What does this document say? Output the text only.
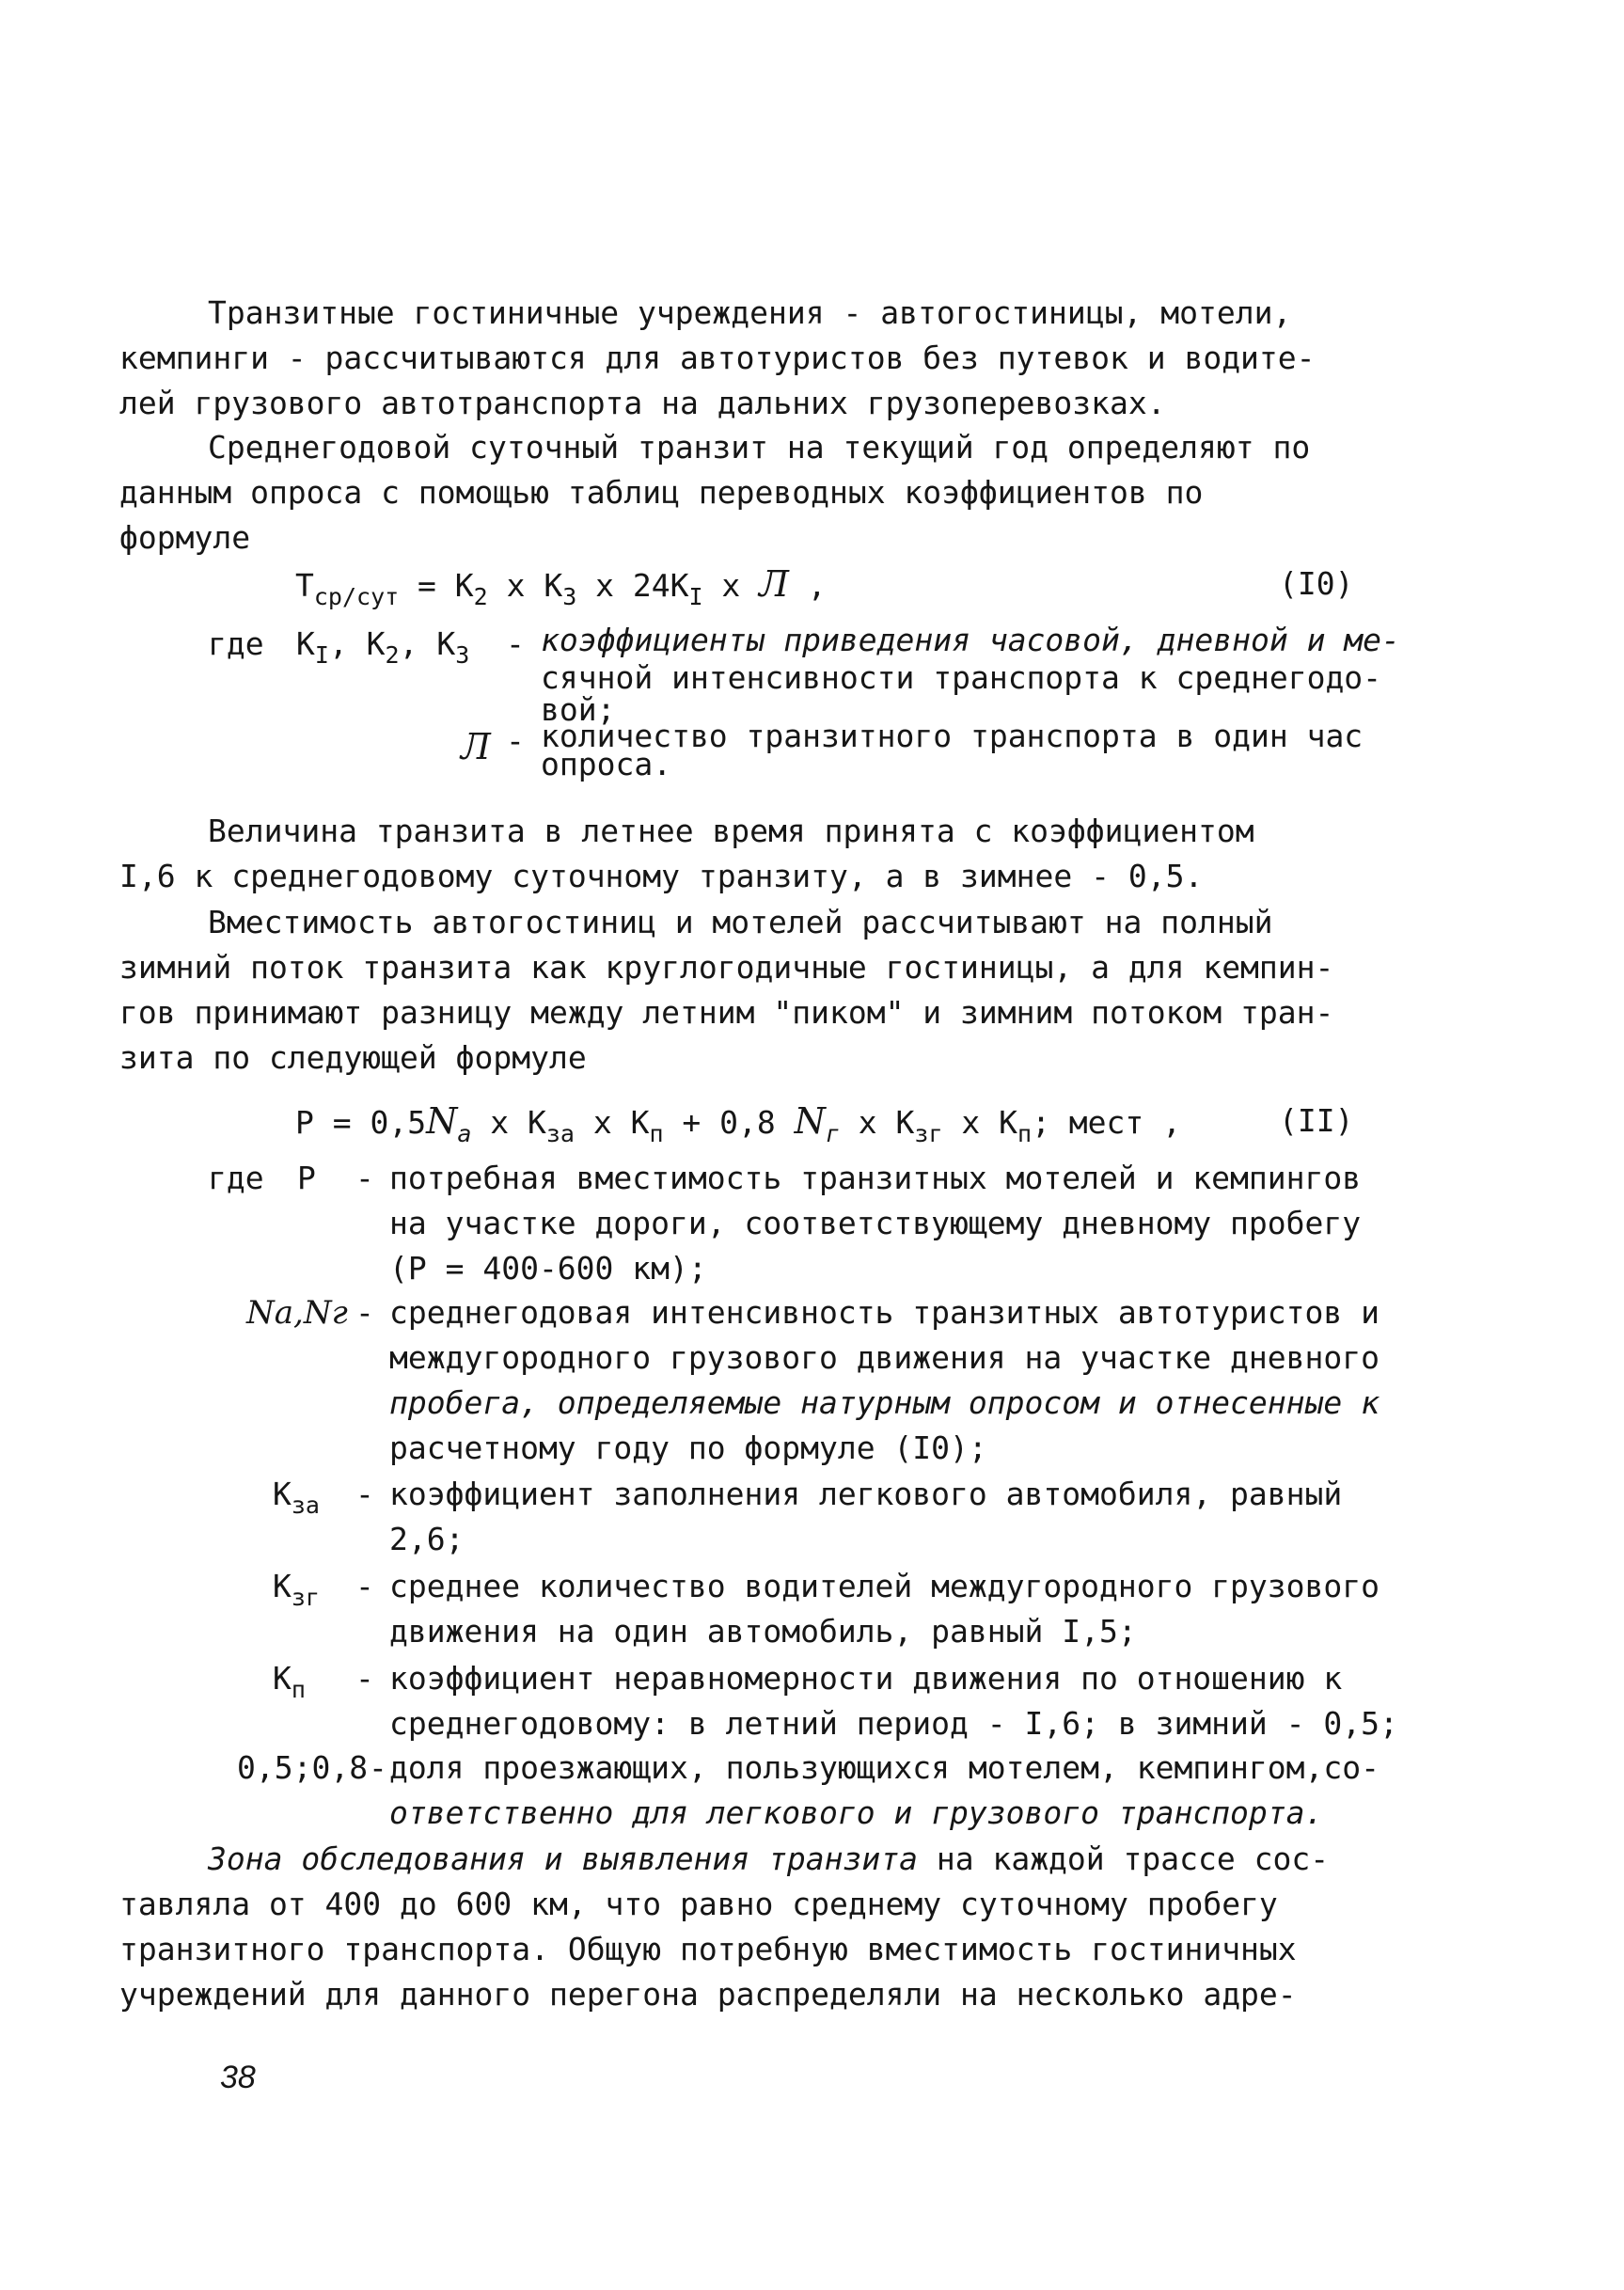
Транзитные гостиничные учреждения - автогостиницы, мотели,
кемпинги - рассчитываются для автотуристов без путевок и водите-
лей грузового автотранспорта на дальних грузоперевозках.
Среднегодовой суточный транзит на текущий год определяют по
данным опроса с помощью таблиц переводных коэффициентов по
формуле
$Т_{ср/сут} = К_2$ х $К_3$ х $24К_I$ х Л ,	(I0)
где $К_I$, $К_2$, $К_3$ - коэффициенты приведения часовой, дневной и ме-
сячной интенсивности транспорта к среднегодо-
вой;
Л - количество транзитного транспорта в один час
опроса.
Величина транзита в летнее время принята с коэффициентом
I,6 к среднегодовому суточному транзиту, а в зимнее - 0,5.
Вместимость автогостиниц и мотелей рассчитывают на полный
зимний поток транзита как круглогодичные гостиницы, а для кемпин-
гов принимают разницу между летним "пиком" и зимним потоком тран-
зита по следующей формуле
$Р = 0,5N_а$ х $К_{за}$ х $К_п + 0,8$ $N_г$ х $К_{зг}$ х $К_п$; мест ,	(II)
где Р - потребная вместимость транзитных мотелей и кемпингов
на участке дороги, соответствующему дневному пробегу
(Р = 400-600 км);
Nа,Nг - среднегодовая интенсивность транзитных автотуристов и
междугородного грузового движения на участке дневного
пробега, определяемые натурным опросом и отнесенные к
расчетному году по формуле (I0);
$К_{за}$ - коэффициент заполнения легкового автомобиля, равный
2,6;
$К_{зг}$ - среднее количество водителей междугородного грузового
движения на один автомобиль, равный I,5;
$К_п$ - коэффициент неравномерности движения по отношению к
среднегодовому: в летний период - I,6; в зимний - 0,5;
0,5;0,8 - доля проезжающих, пользующихся мотелем, кемпингом,со-
ответственно для легкового и грузового транспорта.
Зона обследования и выявления транзита на каждой трассе сос-
тавляла от 400 до 600 км, что равно среднему суточному пробегу
транзитного транспорта. Общую потребную вместимость гостиничных
учреждений для данного перегона распределяли на несколько адре-
38
